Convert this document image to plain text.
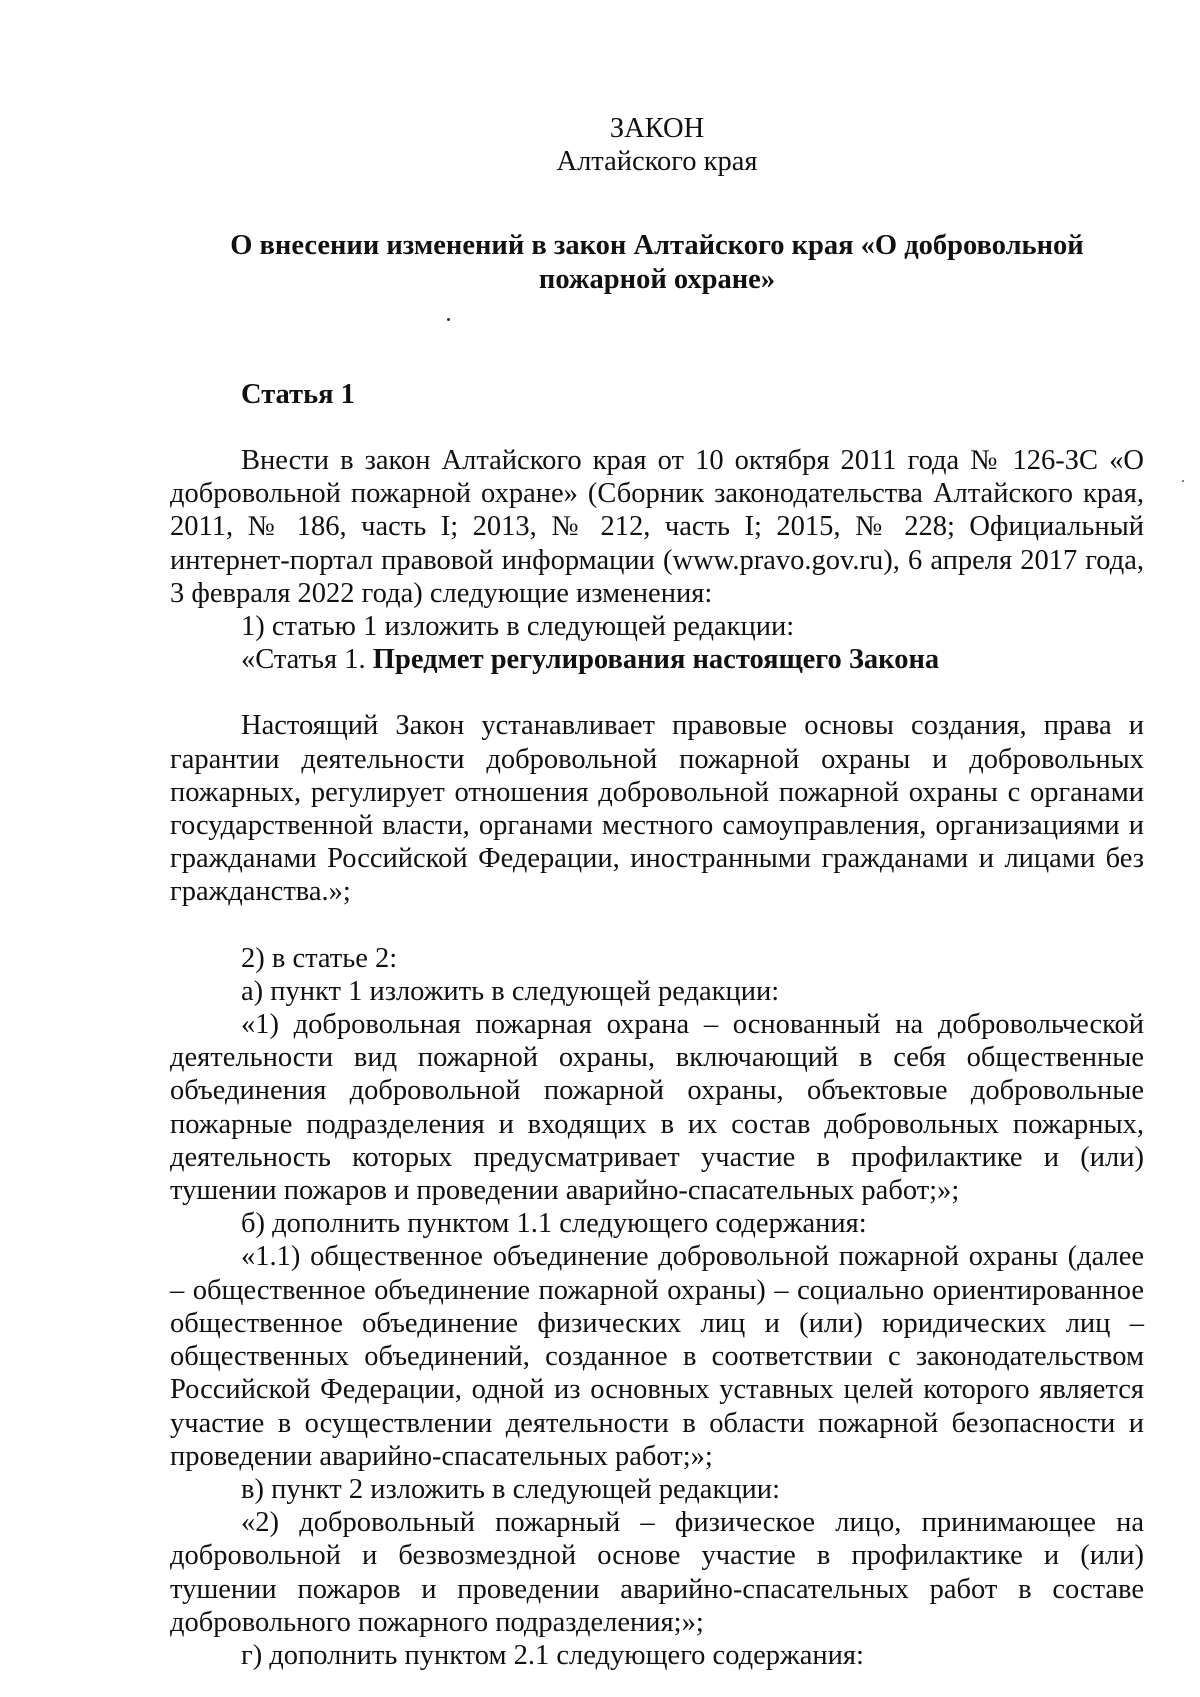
ЗАКОН

Алтайского края

О внесении изменений в закон Алтайского края «О добровольной пожарной охране»

Статья 1

Внести в закон Алтайского края от 10 октября 2011 года № 126-ЗС «О добровольной пожарной охране» (Сборник законодательства Алтайского края, 2011, № 186, часть I; 2013, № 212, часть I; 2015, № 228; Официальный интернет-портал правовой информации (www.pravo.gov.ru), 6 апреля 2017 года, 3 февраля 2022 года) следующие изменения:

1) статью 1 изложить в следующей редакции:

«Статья 1. Предмет регулирования настоящего Закона

Настоящий Закон устанавливает правовые основы создания, права и гарантии деятельности добровольной пожарной охраны и добровольных пожарных, регулирует отношения добровольной пожарной охраны с органами государственной власти, органами местного самоуправления, организациями и гражданами Российской Федерации, иностранными гражданами и лицами без гражданства.»;

2) в статье 2:

а) пункт 1 изложить в следующей редакции:

«1) добровольная пожарная охрана – основанный на добровольческой деятельности вид пожарной охраны, включающий в себя общественные объединения добровольной пожарной охраны, объектовые добровольные пожарные подразделения и входящих в их состав добровольных пожарных, деятельность которых предусматривает участие в профилактике и (или) тушении пожаров и проведении аварийно-спасательных работ;»;

б) дополнить пунктом 1.1 следующего содержания:

«1.1) общественное объединение добровольной пожарной охраны (далее – общественное объединение пожарной охраны) – социально ориентированное общественное объединение физических лиц и (или) юридических лиц – общественных объединений, созданное в соответствии с законодательством Российской Федерации, одной из основных уставных целей которого является участие в осуществлении деятельности в области пожарной безопасности и проведении аварийно-спасательных работ;»;

в) пункт 2 изложить в следующей редакции:

«2) добровольный пожарный – физическое лицо, принимающее на добровольной и безвозмездной основе участие в профилактике и (или) тушении пожаров и проведении аварийно-спасательных работ в составе добровольного пожарного подразделения;»;

г) дополнить пунктом 2.1 следующего содержания:
